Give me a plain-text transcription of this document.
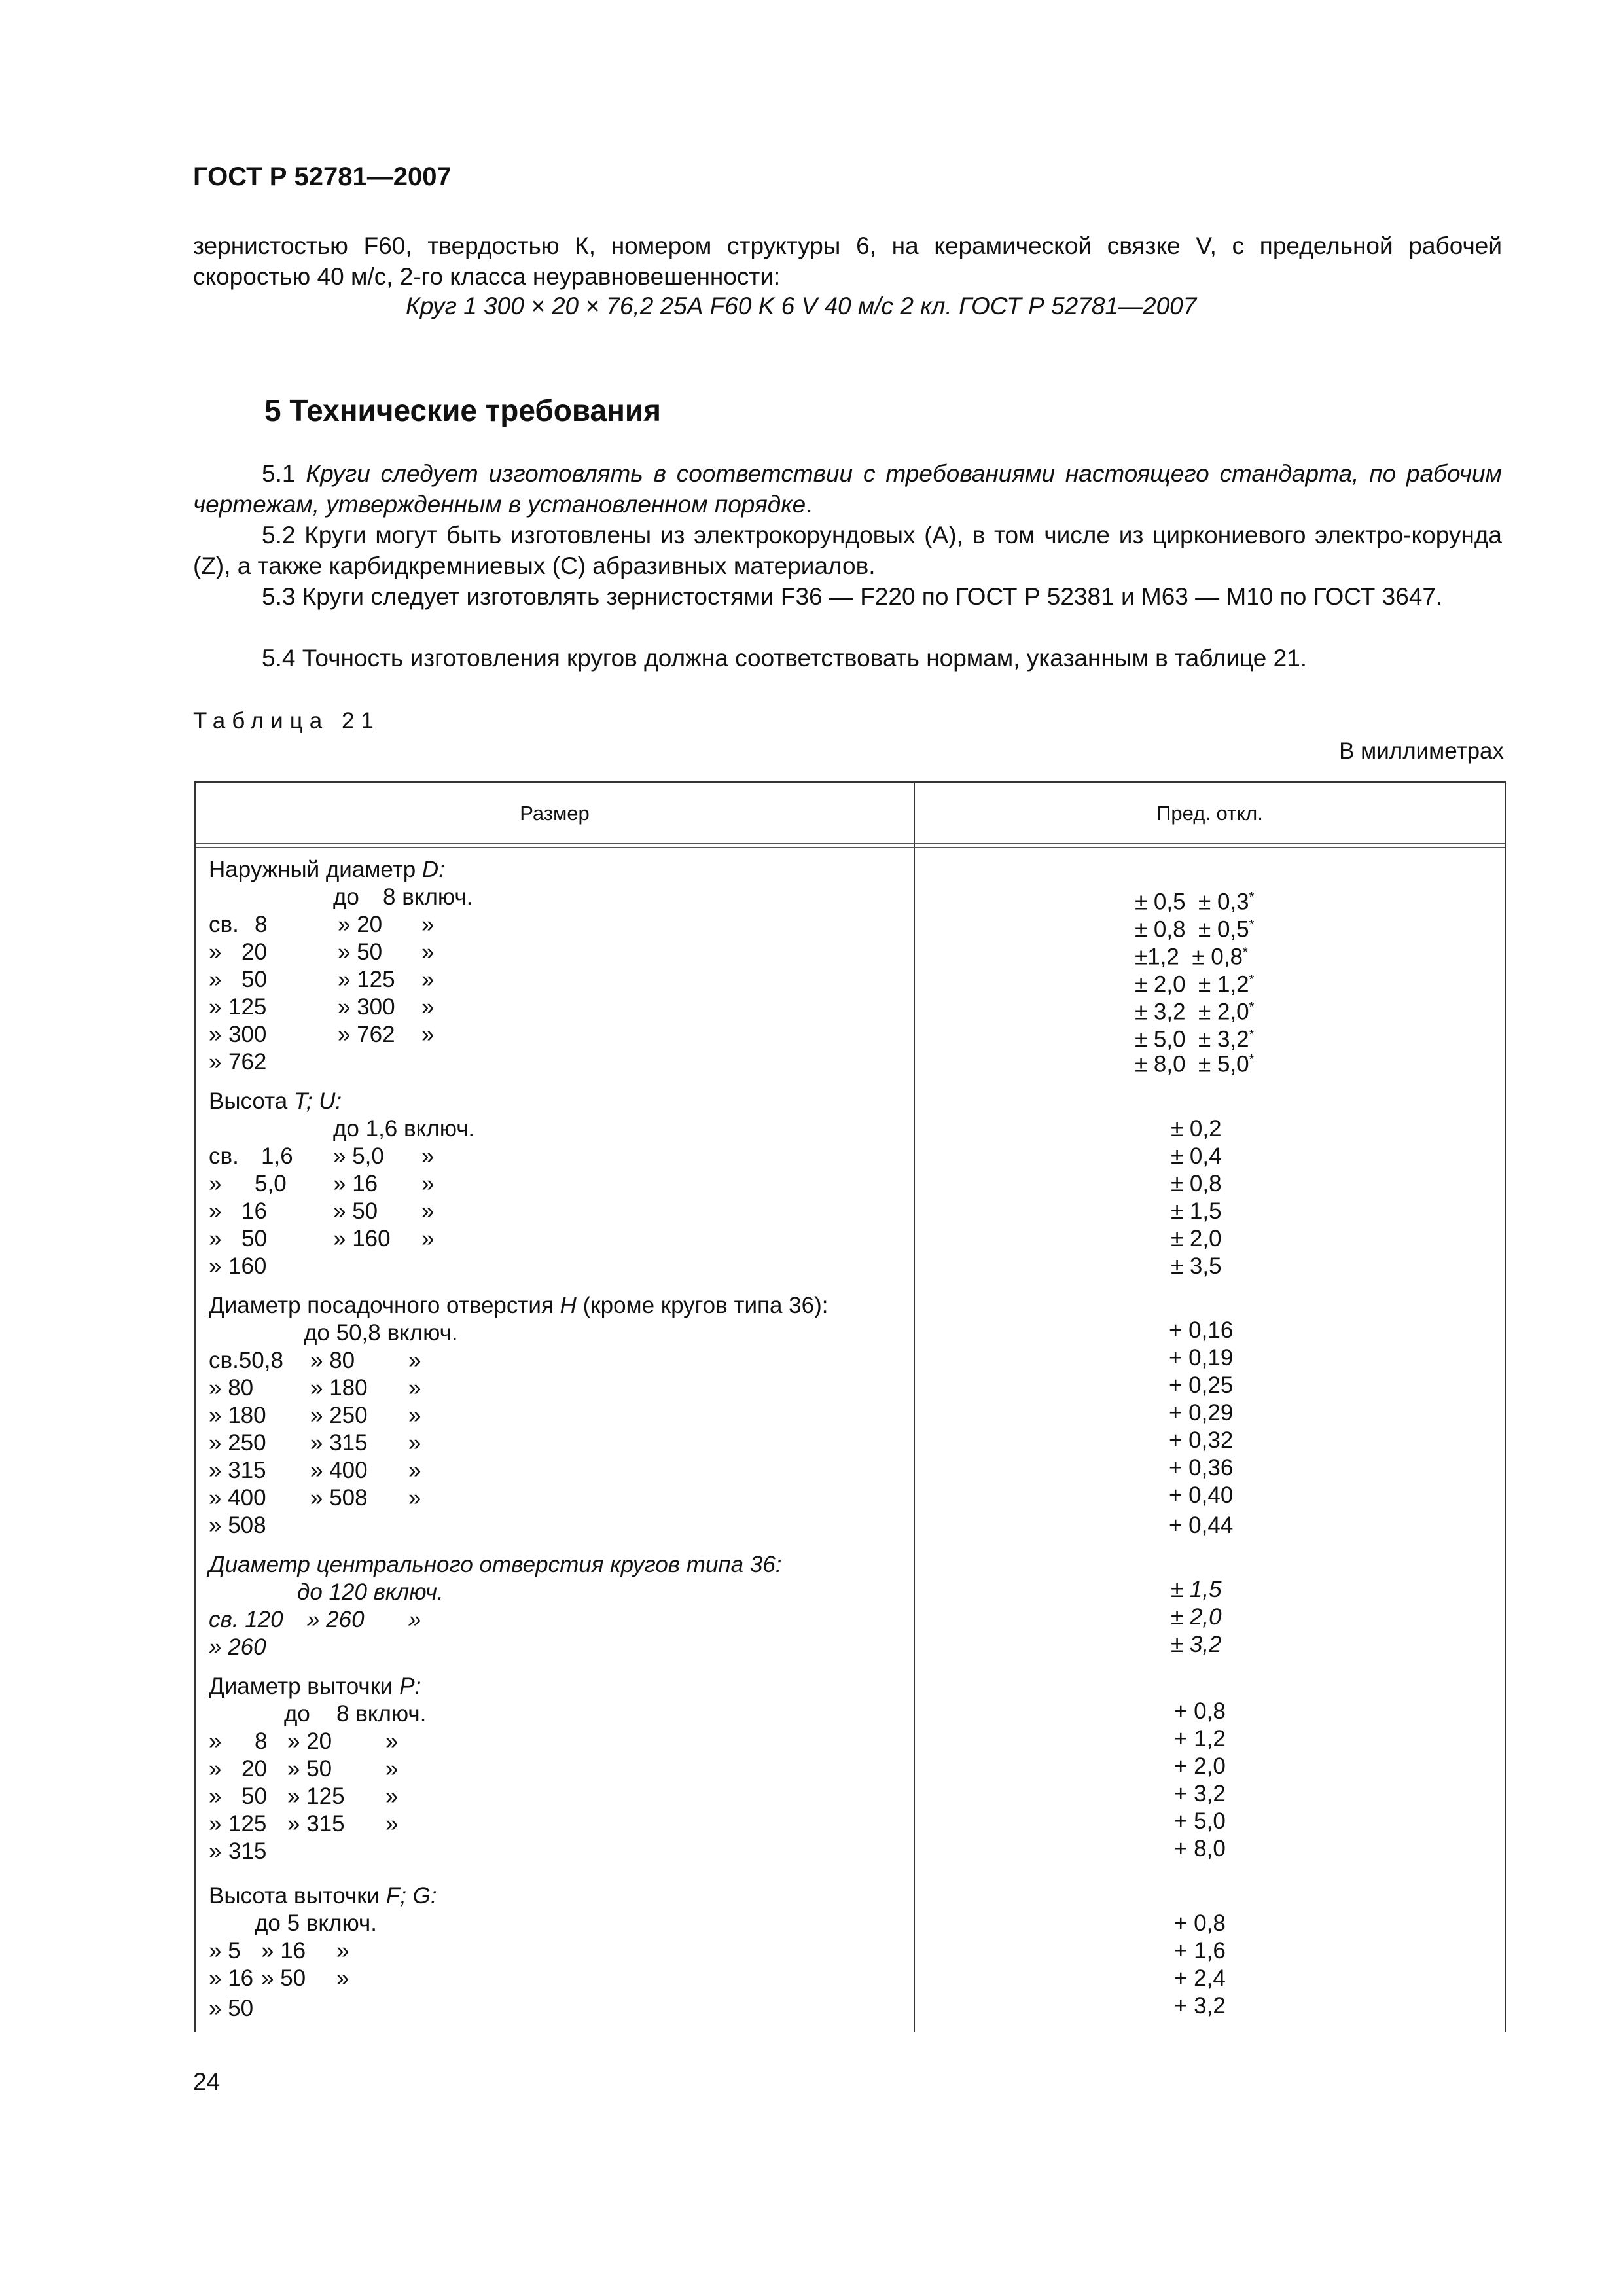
ГОСТ Р 52781—2007
зернистостью F60, твердостью К, номером структуры 6, на керамической связке V, с предельной рабочей скоростью 40 м/с, 2-го класса неуравновешенности:
Круг 1 300 × 20 × 76,2 25А F60 K 6 V 40 м/с 2 кл. ГОСТ Р 52781—2007
5 Технические требования
5.1 Круги следует изготовлять в соответствии с требованиями настоящего стандарта, по рабочим чертежам, утвержденным в установленном порядке.
5.2 Круги могут быть изготовлены из электрокорундовых (А), в том числе из циркониевого электро-корунда (Z), а также карбидкремниевых (С) абразивных материалов.
5.3 Круги следует изготовлять зернистостями F36 — F220 по ГОСТ Р 52381 и М63 — М10 по ГОСТ 3647.
5.4 Точность изготовления кругов должна соответствовать нормам, указанным в таблице 21.
Таблица 21
В миллиметрах
Размер	Пред. откл.
Наружный диаметр D:
до 8 включ.	± 0,5 ± 0,3*
св. 8	» 20 »	± 0,8 ± 0,5*
» 20	» 50 »	±1,2 ± 0,8*
» 50	» 125 »	± 2,0 ± 1,2*
» 125	» 300 »	± 3,2 ± 2,0*
» 300	» 762 »	± 5,0 ± 3,2*
» 762	± 8,0 ± 5,0*
Высота T; U:
до 1,6 включ.	± 0,2
св. 1,6 » 5,0 »	± 0,4
» 5,0 » 16 »	± 0,8
» 16	» 50 »	± 1,5
» 50	» 160 »	± 2,0
» 160	± 3,5
Диаметр посадочного отверстия H (кроме кругов типа 36):
до 50,8 включ.	+ 0,16
св.50,8 » 80 »	+ 0,19
» 80 » 180 »	+ 0,25
» 180 » 250 »	+ 0,29
» 250 » 315 »	+ 0,32
» 315 » 400 »	+ 0,36
» 400 » 508 »	+ 0,40
» 508	+ 0,44
Диаметр центрального отверстия кругов типа 36:
до 120 включ.	± 1,5
св. 120 » 260 »	± 2,0
» 260	± 3,2
Диаметр выточки P:
до 8 включ.	+ 0,8
» 8 » 20 »	+ 1,2
» 20 » 50 »	+ 2,0
» 50 » 125 »	+ 3,2
» 125 » 315 »	+ 5,0
» 315	+ 8,0
Высота выточки F; G:
до 5 включ.	+ 0,8
» 5 » 16 »	+ 1,6
» 16 » 50 »	+ 2,4
» 50	+ 3,2
24
